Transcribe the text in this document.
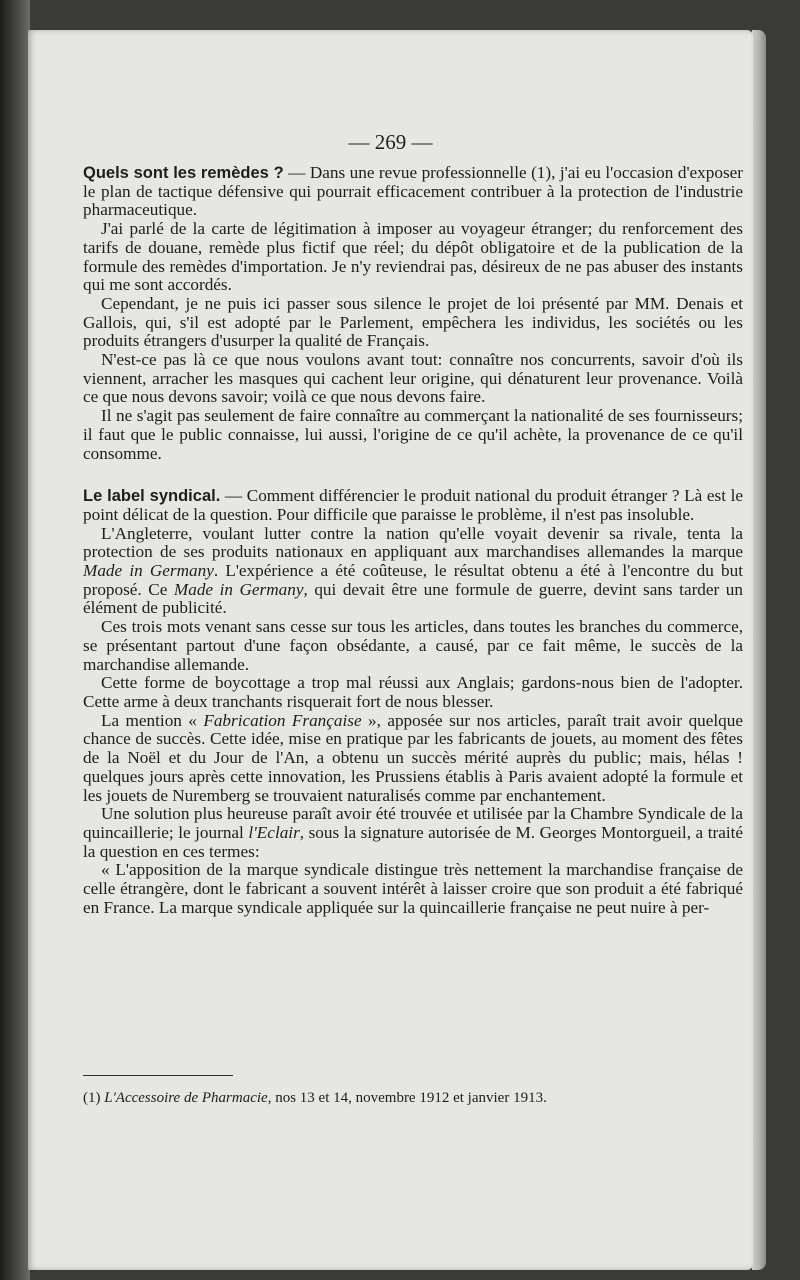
— 269 —

Quels sont les remèdes ? — Dans une revue professionnelle (1), j'ai eu l'occasion d'exposer le plan de tactique défensive qui pourrait efficacement contribuer à la protection de l'industrie pharmaceutique.

J'ai parlé de la carte de légitimation à imposer au voyageur étranger; du renforcement des tarifs de douane, remède plus fictif que réel; du dépôt obligatoire et de la publication de la formule des remèdes d'importation. Je n'y reviendrai pas, désireux de ne pas abuser des instants qui me sont accordés.

Cependant, je ne puis ici passer sous silence le projet de loi présenté par MM. Denais et Gallois, qui, s'il est adopté par le Parlement, empêchera les individus, les sociétés ou les produits étrangers d'usurper la qualité de Français.

N'est-ce pas là ce que nous voulons avant tout: connaître nos concurrents, savoir d'où ils viennent, arracher les masques qui cachent leur origine, qui dénaturent leur provenance. Voilà ce que nous devons savoir; voilà ce que nous devons faire.

Il ne s'agit pas seulement de faire connaître au commerçant la nationalité de ses fournisseurs; il faut que le public connaisse, lui aussi, l'origine de ce qu'il achète, la provenance de ce qu'il consomme.

Le label syndical. — Comment différencier le produit national du produit étranger ? Là est le point délicat de la question. Pour difficile que paraisse le problème, il n'est pas insoluble.

L'Angleterre, voulant lutter contre la nation qu'elle voyait devenir sa rivale, tenta la protection de ses produits nationaux en appliquant aux marchandises allemandes la marque Made in Germany. L'expérience a été coûteuse, le résultat obtenu a été à l'encontre du but proposé. Ce Made in Germany, qui devait être une formule de guerre, devint sans tarder un élément de publicité.

Ces trois mots venant sans cesse sur tous les articles, dans toutes les branches du commerce, se présentant partout d'une façon obsédante, a causé, par ce fait même, le succès de la marchandise allemande.

Cette forme de boycottage a trop mal réussi aux Anglais; gardons-nous bien de l'adopter. Cette arme à deux tranchants risquerait fort de nous blesser.

La mention « Fabrication Française », apposée sur nos articles, paraît trait avoir quelque chance de succès. Cette idée, mise en pratique par les fabricants de jouets, au moment des fêtes de la Noël et du Jour de l'An, a obtenu un succès mérité auprès du public; mais, hélas ! quelques jours après cette innovation, les Prussiens établis à Paris avaient adopté la formule et les jouets de Nuremberg se trouvaient naturalisés comme par enchantement.

Une solution plus heureuse paraît avoir été trouvée et utilisée par la Chambre Syndicale de la quincaillerie; le journal l'Eclair, sous la signature autorisée de M. Georges Montorgueil, a traité la question en ces termes:

« L'apposition de la marque syndicale distingue très nettement la marchandise française de celle étrangère, dont le fabricant a souvent intérêt à laisser croire que son produit a été fabriqué en France. La marque syndicale appliquée sur la quincaillerie française ne peut nuire à per-

(1) L'Accessoire de Pharmacie, nos 13 et 14, novembre 1912 et janvier 1913.
